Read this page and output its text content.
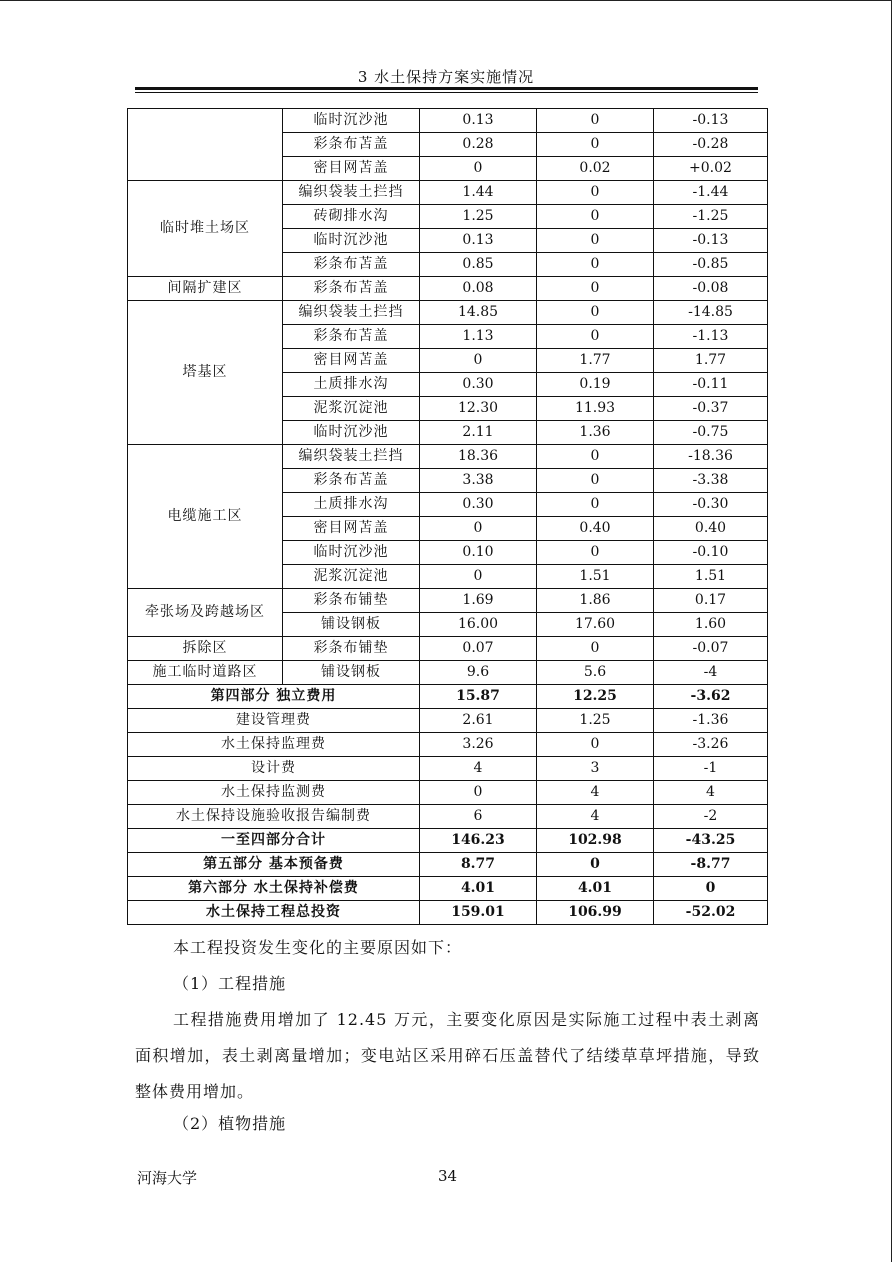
3 水土保持方案实施情况
	临时沉沙池	0.13	0	-0.13
	彩条布苫盖	0.28	0	-0.28
	密目网苫盖	0	0.02	+0.02
临时堆土场区	编织袋装土拦挡	1.44	0	-1.44
	砖砌排水沟	1.25	0	-1.25
	临时沉沙池	0.13	0	-0.13
	彩条布苫盖	0.85	0	-0.85
间隔扩建区	彩条布苫盖	0.08	0	-0.08
塔基区	编织袋装土拦挡	14.85	0	-14.85
	彩条布苫盖	1.13	0	-1.13
	密目网苫盖	0	1.77	1.77
	土质排水沟	0.30	0.19	-0.11
	泥浆沉淀池	12.30	11.93	-0.37
	临时沉沙池	2.11	1.36	-0.75
电缆施工区	编织袋装土拦挡	18.36	0	-18.36
	彩条布苫盖	3.38	0	-3.38
	土质排水沟	0.30	0	-0.30
	密目网苫盖	0	0.40	0.40
	临时沉沙池	0.10	0	-0.10
	泥浆沉淀池	0	1.51	1.51
牵张场及跨越场区	彩条布铺垫	1.69	1.86	0.17
	铺设钢板	16.00	17.60	1.60
拆除区	彩条布铺垫	0.07	0	-0.07
施工临时道路区	铺设钢板	9.6	5.6	-4
第四部分 独立费用		15.87	12.25	-3.62
建设管理费		2.61	1.25	-1.36
水土保持监理费		3.26	0	-3.26
设计费		4	3	-1
水土保持监测费		0	4	4
水土保持设施验收报告编制费		6	4	-2
一至四部分合计		146.23	102.98	-43.25
第五部分 基本预备费		8.77	0	-8.77
第六部分 水土保持补偿费		4.01	4.01	0
水土保持工程总投资		159.01	106.99	-52.02
本工程投资发生变化的主要原因如下：
（1）工程措施
工程措施费用增加了 12.45 万元，主要变化原因是实际施工过程中表土剥离面积增加，表土剥离量增加；变电站区采用碎石压盖替代了结缕草草坪措施，导致整体费用增加。
（2）植物措施
河海大学	34
